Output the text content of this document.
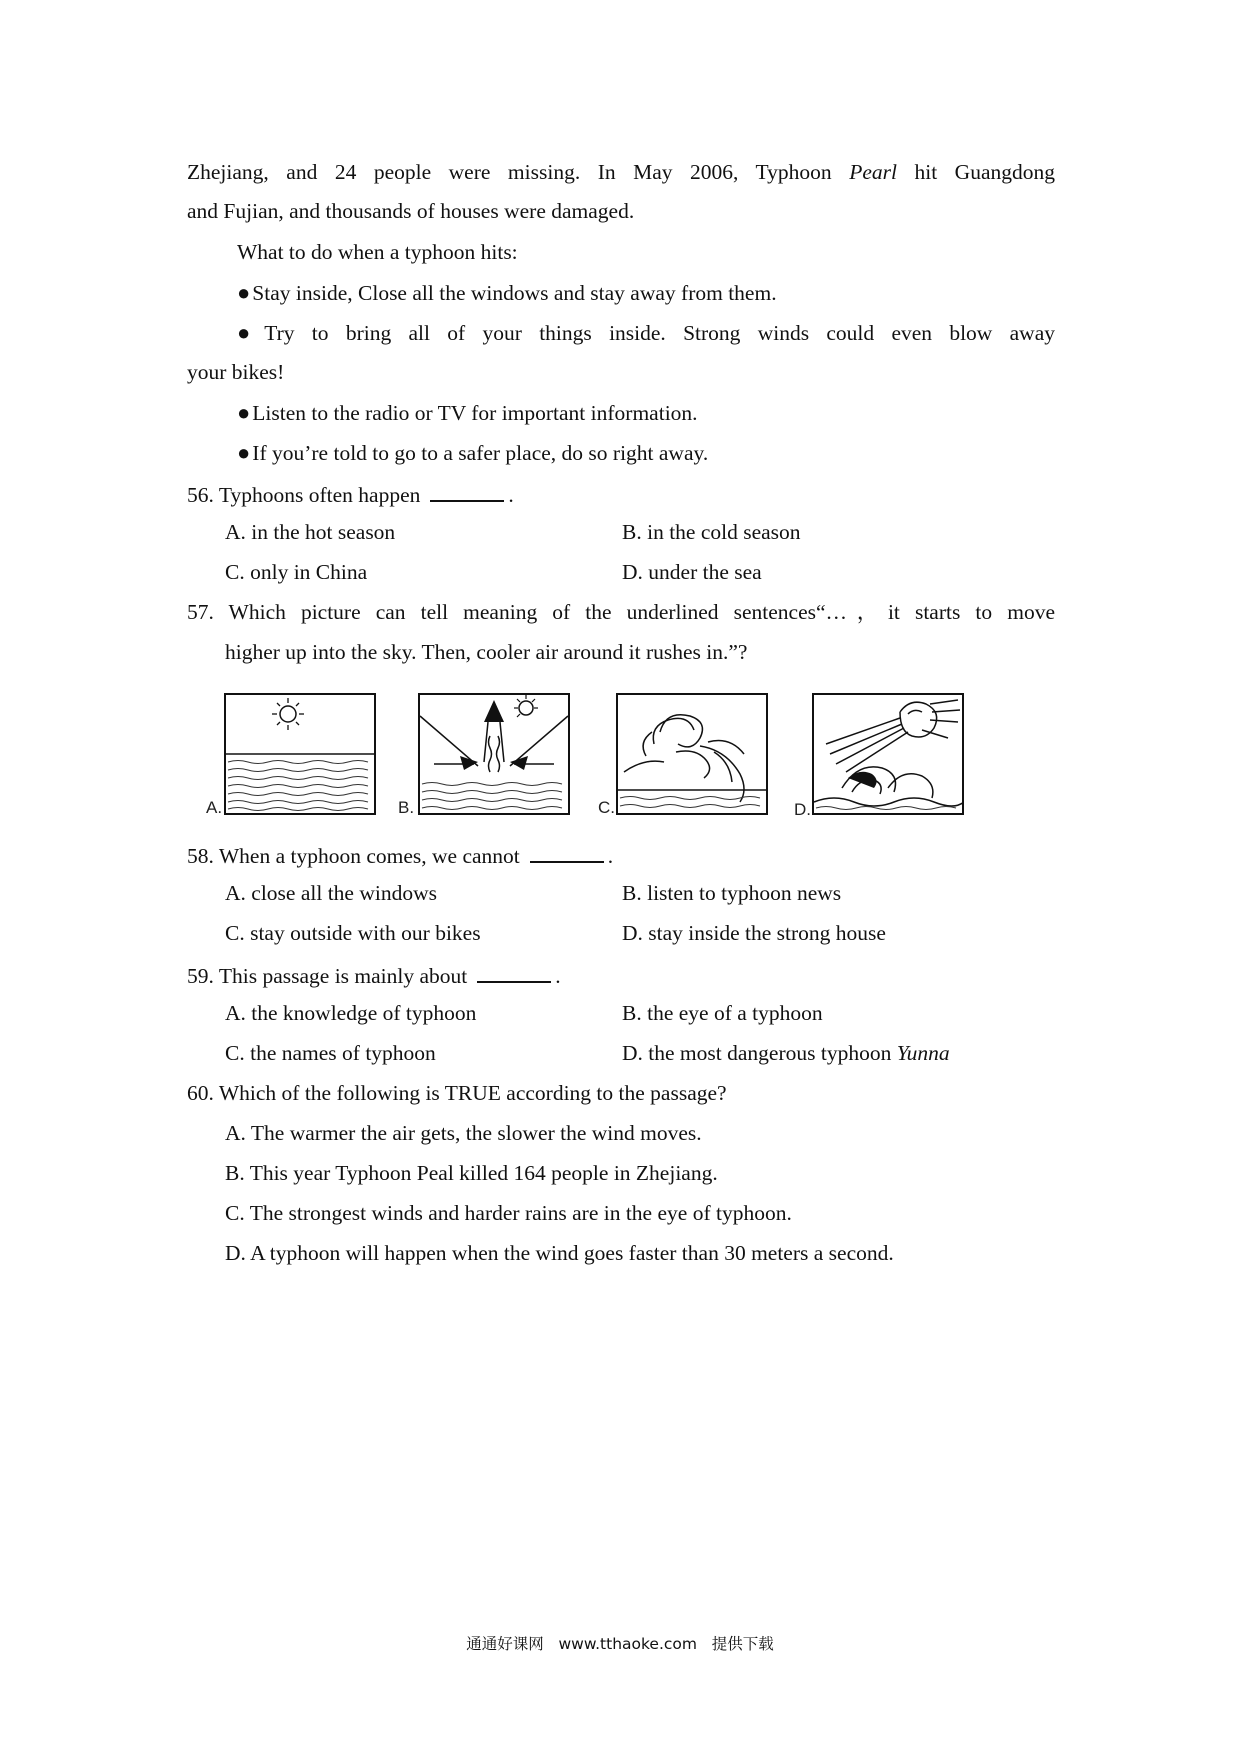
Zhejiang, and 24 people were missing. In May 2006, Typhoon Pearl hit Guangdong
and Fujian, and thousands of houses were damaged.
What to do when a typhoon hits:
●Stay inside, Close all the windows and stay away from them.
●Try to bring all of your things inside. Strong winds could even blow away
your bikes!
●Listen to the radio or TV for important information.
●If you’re told to go to a safer place, do so right away.
56. Typhoons often happen	.
A. in the hot season	B. in the cold season
C. only in China	D. under the sea
57. Which picture can tell meaning of the underlined sentences“…，it starts to move
higher up into the sky. Then, cooler air around it rushes in.”?
A.	B.	C.	D.
58. When a typhoon comes, we cannot	.
A. close all the windows	B. listen to typhoon news
C. stay outside with our bikes	D. stay inside the strong house
59. This passage is mainly about	.
A. the knowledge of typhoon	B. the eye of a typhoon
C. the names of typhoon	D. the most dangerous typhoon Yunna
60. Which of the following is TRUE according to the passage?
A. The warmer the air gets, the slower the wind moves.
B. This year Typhoon Peal killed 164 people in Zhejiang.
C. The strongest winds and harder rains are in the eye of typhoon.
D. A typhoon will happen when the wind goes faster than 30 meters a second.
通通好课网 www.tthaoke.com 提供下载
